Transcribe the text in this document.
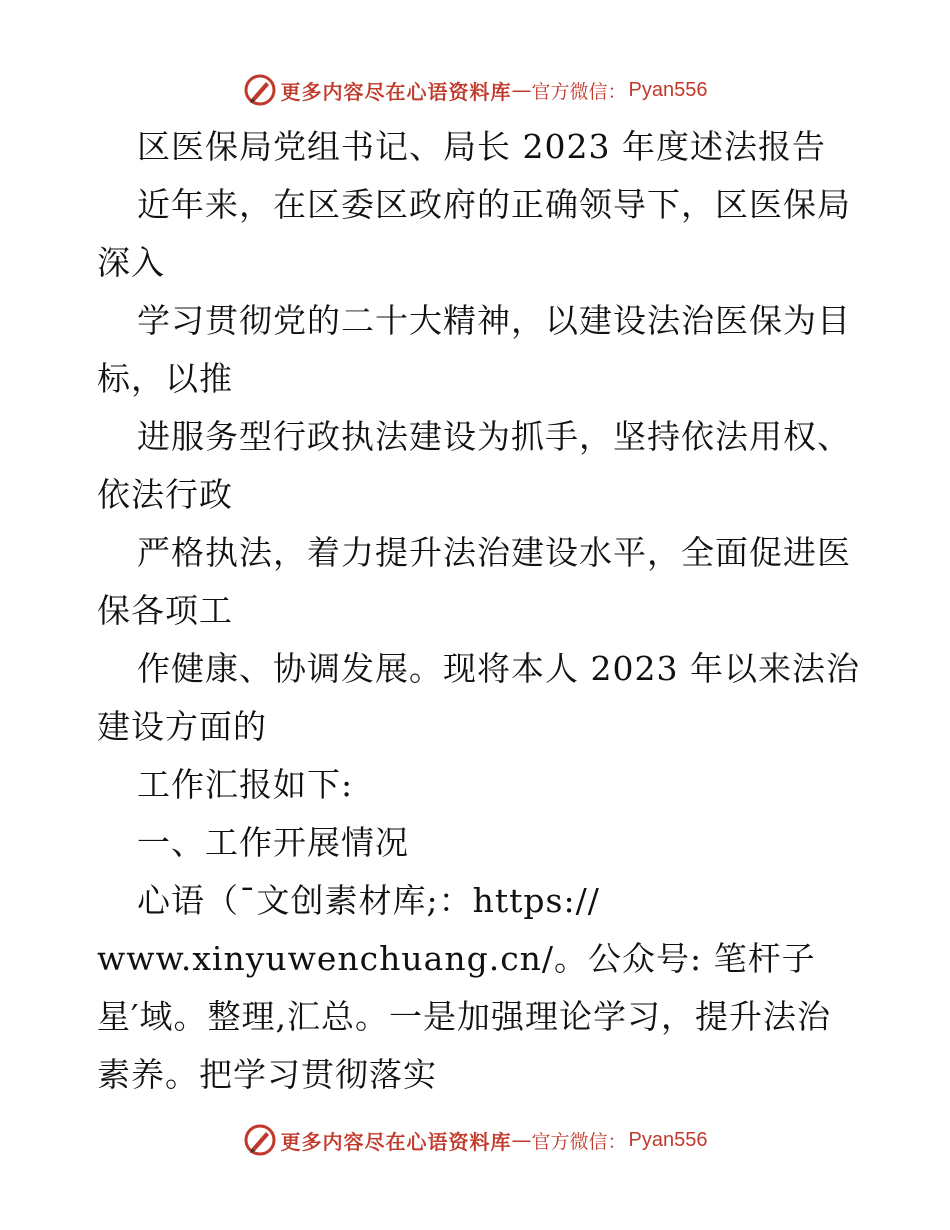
更多内容尽在心语资料库 — 官方微信： Pyan556
区医保局党组书记、局长 2023 年度述法报告
近年来，在区委区政府的正确领导下，区医保局
深入
学习贯彻党的二十大精神，以建设法治医保为目
标，以推
进服务型行政执法建设为抓手，坚持依法用权、
依法行政
严格执法，着力提升法治建设水平，全面促进医
保各项工
作健康、协调发展。现将本人 2023 年以来法治
建设方面的
工作汇报如下:
一、工作开展情况
心语（¯文创素材库;：https://
www.xinyuwenchuang.cn/。公众号: 笔杆子
星′域。整理,汇总。一是加强理论学习，提升法治
素养。把学习贯彻落实
更多内容尽在心语资料库 — 官方微信： Pyan556
